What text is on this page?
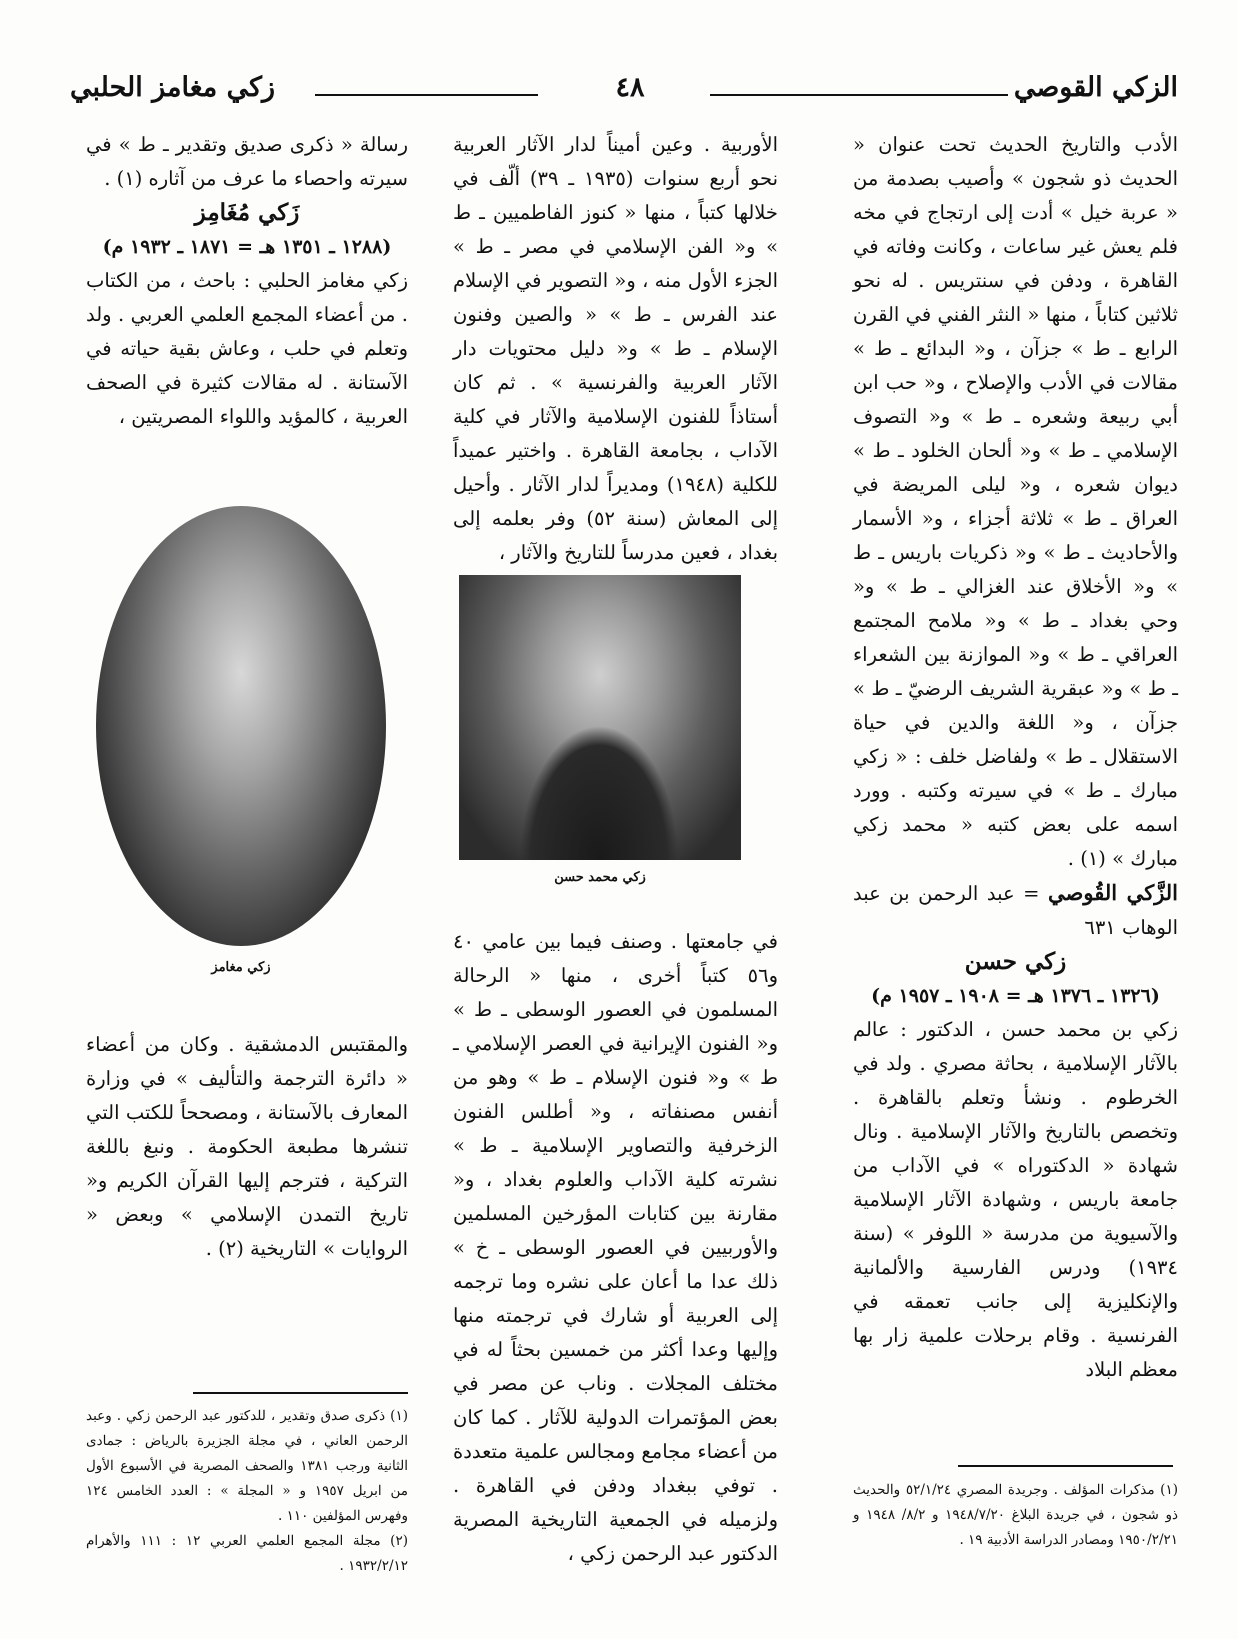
الزكي القوصي
٤٨
زكي مغامز الحلبي

الأدب والتاريخ الحديث تحت عنوان « الحديث ذو شجون » وأصيب بصدمة من « عربة خيل » أدت إلى ارتجاج في مخه فلم يعش غير ساعات ، وكانت وفاته في القاهرة ، ودفن في سنتريس . له نحو ثلاثين كتاباً ، منها « النثر الفني في القرن الرابع ـ ط » جزآن ، و« البدائع ـ ط » مقالات في الأدب والإصلاح ، و« حب ابن أبي ربيعة وشعره ـ ط » و« التصوف الإسلامي ـ ط » و« ألحان الخلود ـ ط » ديوان شعره ، و« ليلى المريضة في العراق ـ ط » ثلاثة أجزاء ، و« الأسمار والأحاديث ـ ط » و« ذكريات باريس ـ ط » و« الأخلاق عند الغزالي ـ ط » و« وحي بغداد ـ ط » و« ملامح المجتمع العراقي ـ ط » و« الموازنة بين الشعراء ـ ط » و« عبقرية الشريف الرضيّ ـ ط » جزآن ، و« اللغة والدين في حياة الاستقلال ـ ط » ولفاضل خلف : « زكي مبارك ـ ط » في سيرته وكتبه . وورد اسمه على بعض كتبه « محمد زكي مبارك » (١) .

الزَّكي القُوصي = عبد الرحمن بن عبد الوهاب ٦٣١

زكي حسن

(١٣٢٦ ـ ١٣٧٦ هـ = ١٩٠٨ ـ ١٩٥٧ م)

زكي بن محمد حسن ، الدكتور : عالم بالآثار الإسلامية ، بحاثة مصري . ولد في الخرطوم . ونشأ وتعلم بالقاهرة . وتخصص بالتاريخ والآثار الإسلامية . ونال شهادة « الدكتوراه » في الآداب من جامعة باريس ، وشهادة الآثار الإسلامية والآسيوية من مدرسة « اللوفر » (سنة ١٩٣٤) ودرس الفارسية والألمانية والإنكليزية إلى جانب تعمقه في الفرنسية . وقام برحلات علمية زار بها معظم البلاد

الأوربية . وعين أميناً لدار الآثار العربية نحو أربع سنوات (١٩٣٥ ـ ٣٩) ألّف في خلالها كتباً ، منها « كنوز الفاطميين ـ ط » و« الفن الإسلامي في مصر ـ ط » الجزء الأول منه ، و« التصوير في الإسلام عند الفرس ـ ط » « والصين وفنون الإسلام ـ ط » و« دليل محتويات دار الآثار العربية والفرنسية » . ثم كان أستاذاً للفنون الإسلامية والآثار في كلية الآداب ، بجامعة القاهرة . واختير عميداً للكلية (١٩٤٨) ومديراً لدار الآثار . وأحيل إلى المعاش (سنة ٥٢) وفر بعلمه إلى بغداد ، فعين مدرساً للتاريخ والآثار ،

زكي محمد حسن

في جامعتها . وصنف فيما بين عامي ٤٠ و٥٦ كتباً أخرى ، منها « الرحالة المسلمون في العصور الوسطى ـ ط » و« الفنون الإيرانية في العصر الإسلامي ـ ط » و« فنون الإسلام ـ ط » وهو من أنفس مصنفاته ، و« أطلس الفنون الزخرفية والتصاوير الإسلامية ـ ط » نشرته كلية الآداب والعلوم بغداد ، و« مقارنة بين كتابات المؤرخين المسلمين والأوربيين في العصور الوسطى ـ خ » ذلك عدا ما أعان على نشره وما ترجمه إلى العربية أو شارك في ترجمته منها وإليها وعدا أكثر من خمسين بحثاً له في مختلف المجلات . وناب عن مصر في بعض المؤتمرات الدولية للآثار . كما كان من أعضاء مجامع ومجالس علمية متعددة . توفي ببغداد ودفن في القاهرة . ولزميله في الجمعية التاريخية المصرية الدكتور عبد الرحمن زكي ،

رسالة « ذكرى صديق وتقدير ـ ط » في سيرته واحصاء ما عرف من آثاره (١) .

زَكي مُغَامِز

(١٢٨٨ ـ ١٣٥١ هـ = ١٨٧١ ـ ١٩٣٢ م)

زكي مغامز الحلبي : باحث ، من الكتاب . من أعضاء المجمع العلمي العربي . ولد وتعلم في حلب ، وعاش بقية حياته في الآستانة . له مقالات كثيرة في الصحف العربية ، كالمؤيد واللواء المصريتين ،

زكي مغامز

والمقتبس الدمشقية . وكان من أعضاء « دائرة الترجمة والتأليف » في وزارة المعارف بالآستانة ، ومصححاً للكتب التي تنشرها مطبعة الحكومة . ونبغ باللغة التركية ، فترجم إليها القرآن الكريم و« تاريخ التمدن الإسلامي » وبعض « الروايات » التاريخية (٢) .

(١) مذكرات المؤلف . وجريدة المصري ٥٢/١/٢٤ والحديث ذو شجون ، في جريدة البلاغ ١٩٤٨/٧/٢٠ و ٨/٢/ ١٩٤٨ و ١٩٥٠/٢/٢١ ومصادر الدراسة الأدبية ١٩ .

(١) ذكرى صدق وتقدير ، للدكتور عبد الرحمن زكي . وعبد الرحمن العاني ، في مجلة الجزيرة بالرياض : جمادى الثانية ورجب ١٣٨١ والصحف المصرية في الأسبوع الأول من ابريل ١٩٥٧ و « المجلة » : العدد الخامس ١٢٤ وفهرس المؤلفين ١١٠ .

(٢) مجلة المجمع العلمي العربي ١٢ : ١١١ والأهرام ١٩٣٢/٢/١٢ .
